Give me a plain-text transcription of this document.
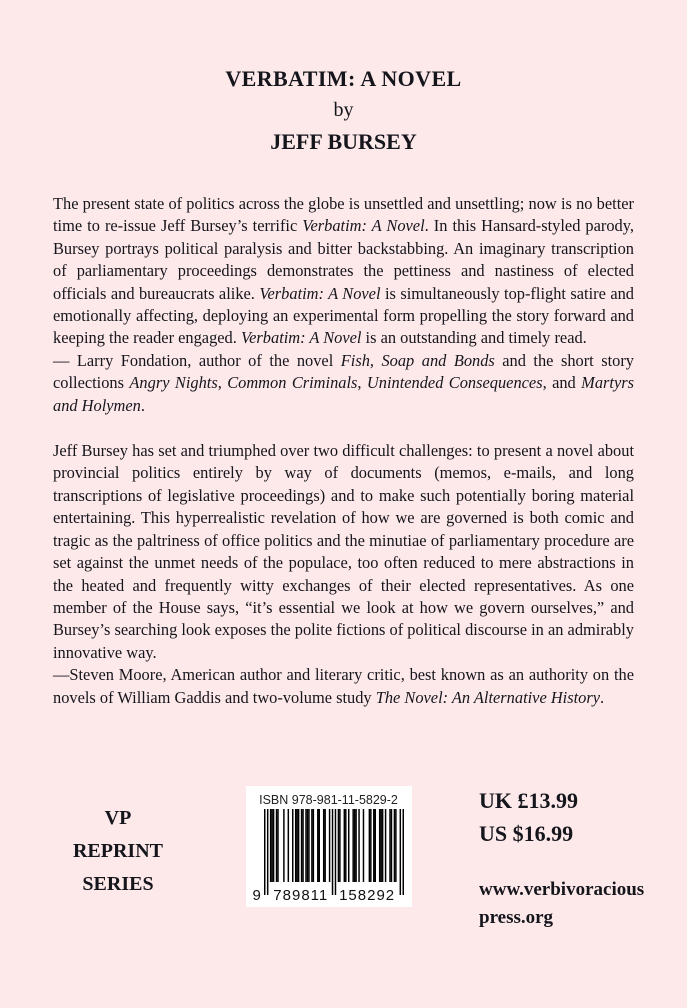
VERBATIM: A NOVEL
by
JEFF BURSEY

The present state of politics across the globe is unsettled and unsettling; now is no better time to re-issue Jeff Bursey’s terrific Verbatim: A Novel. In this Hansard-styled parody, Bursey portrays political paralysis and bitter backstabbing. An imaginary transcription of parliamentary proceedings demonstrates the pettiness and nastiness of elected officials and bureaucrats alike. Verbatim: A Novel is simultaneously top-flight satire and emotionally affecting, deploying an experimental form propelling the story forward and keeping the reader engaged. Verbatim: A Novel is an outstanding and timely read.

— Larry Fondation, author of the novel Fish, Soap and Bonds and the short story collections Angry Nights, Common Criminals, Unintended Consequences, and Martyrs and Holymen.

Jeff Bursey has set and triumphed over two difficult challenges: to present a novel about provincial politics entirely by way of documents (memos, e-mails, and long transcriptions of legislative proceedings) and to make such potentially boring material entertaining. This hyperrealistic revelation of how we are governed is both comic and tragic as the paltriness of office politics and the minutiae of parliamentary procedure are set against the unmet needs of the populace, too often reduced to mere abstractions in the heated and frequently witty exchanges of their elected representatives. As one member of the House says, “it’s essential we look at how we govern ourselves,” and Bursey’s searching look exposes the polite fictions of political discourse in an admirably innovative way.

—Steven Moore, American author and literary critic, best known as an authority on the novels of William Gaddis and two-volume study The Novel: An Alternative History.

VP
REPRINT
SERIES
ISBN 978-981-11-5829-2
9 789811 158292
UK £13.99
US $16.99
www.verbivoracious
press.org
